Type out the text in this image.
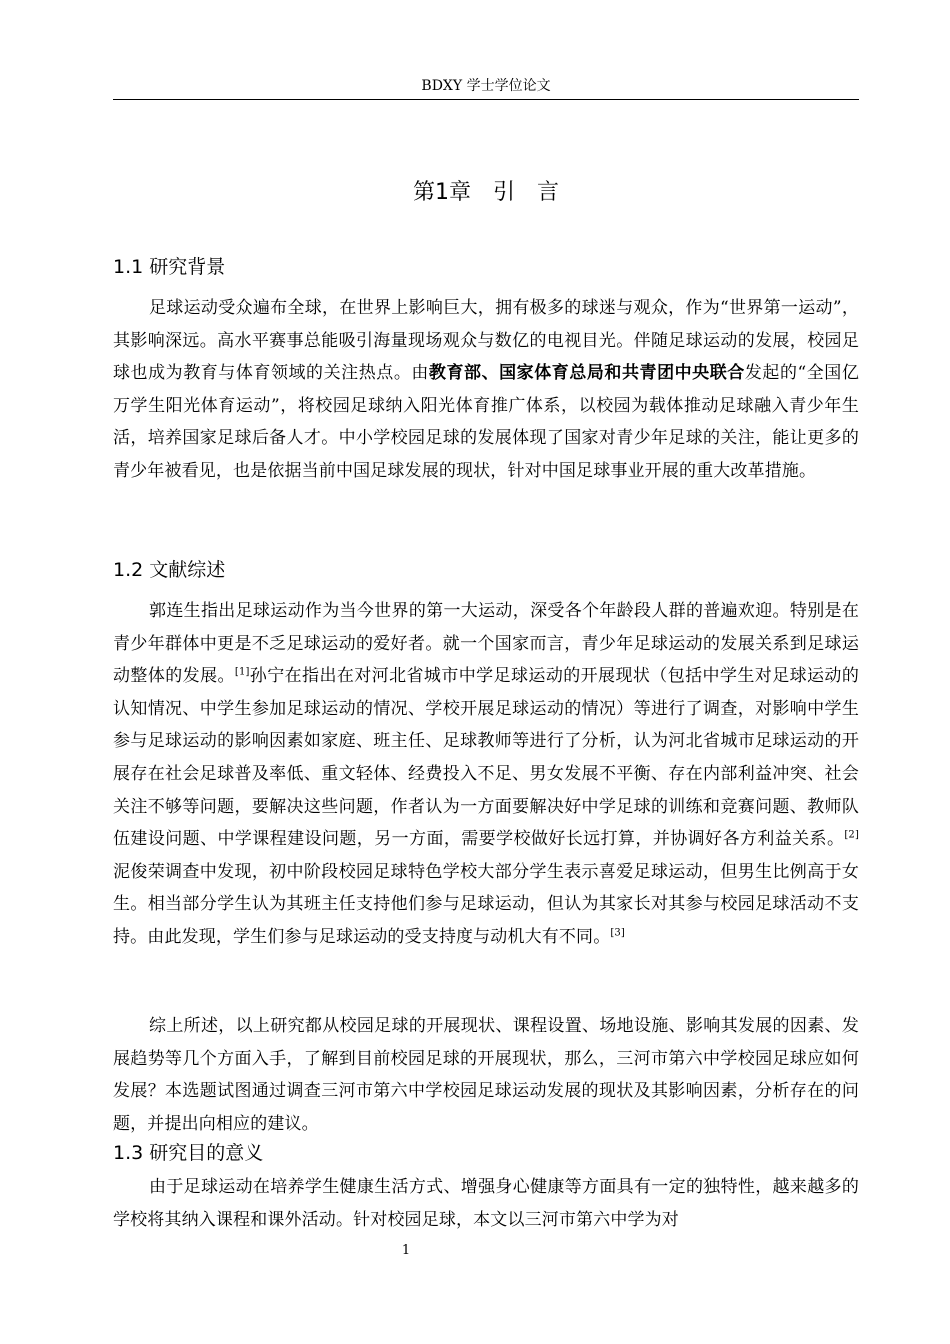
BDXY 学士学位论文
第1章　引　言
1.1 研究背景

足球运动受众遍布全球，在世界上影响巨大，拥有极多的球迷与观众，作为“世界第一运动”，其影响深远。高水平赛事总能吸引海量现场观众与数亿的电视目光。伴随足球运动的发展，校园足球也成为教育与体育领域的关注热点。由教育部、国家体育总局和共青团中央联合发起的“全国亿万学生阳光体育运动”，将校园足球纳入阳光体育推广体系，以校园为载体推动足球融入青少年生活，培养国家足球后备人才。中小学校园足球的发展体现了国家对青少年足球的关注，能让更多的青少年被看见，也是依据当前中国足球发展的现状，针对中国足球事业开展的重大改革措施。

1.2 文献综述

郭连生指出足球运动作为当今世界的第一大运动，深受各个年龄段人群的普遍欢迎。特别是在青少年群体中更是不乏足球运动的爱好者。就一个国家而言，青少年足球运动的发展关系到足球运动整体的发展。[1]孙宁在指出在对河北省城市中学足球运动的开展现状（包括中学生对足球运动的认知情况、中学生参加足球运动的情况、学校开展足球运动的情况）等进行了调查，对影响中学生参与足球运动的影响因素如家庭、班主任、足球教师等进行了分析，认为河北省城市足球运动的开展存在社会足球普及率低、重文轻体、经费投入不足、男女发展不平衡、存在内部利益冲突、社会关注不够等问题，要解决这些问题，作者认为一方面要解决好中学足球的训练和竞赛问题、教师队伍建设问题、中学课程建设问题，另一方面，需要学校做好长远打算，并协调好各方利益关系。[2]泥俊荣调查中发现，初中阶段校园足球特色学校大部分学生表示喜爱足球运动，但男生比例高于女生。相当部分学生认为其班主任支持他们参与足球运动，但认为其家长对其参与校园足球活动不支持。由此发现，学生们参与足球运动的受支持度与动机大有不同。[3]

综上所述，以上研究都从校园足球的开展现状、课程设置、场地设施、影响其发展的因素、发展趋势等几个方面入手，了解到目前校园足球的开展现状，那么，三河市第六中学校园足球应如何发展？本选题试图通过调查三河市第六中学校园足球运动发展的现状及其影响因素，分析存在的问题，并提出向相应的建议。

1.3 研究目的意义

由于足球运动在培养学生健康生活方式、增强身心健康等方面具有一定的独特性，越来越多的学校将其纳入课程和课外活动。针对校园足球，本文以三河市第六中学为对

1
